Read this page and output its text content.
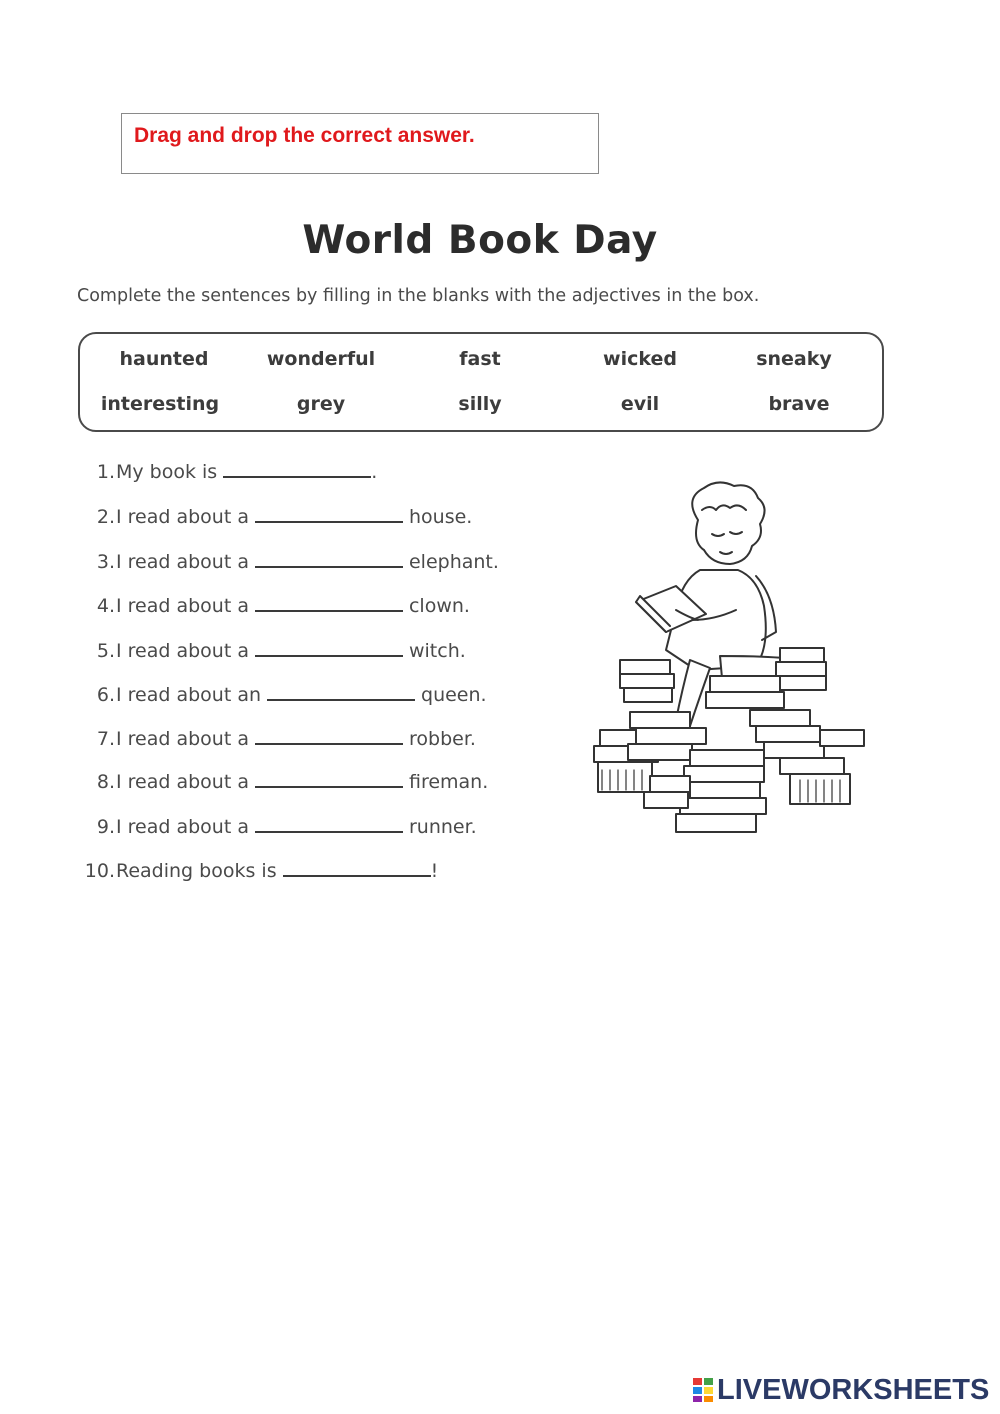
Drag and drop the correct answer.
World Book Day
Complete the sentences by filling in the blanks with the adjectives in the box.
haunted	wonderful	fast	wicked	sneaky
interesting	grey	silly	evil	brave
1. My book is	.
2. I read about a	house.
3. I read about a	elephant.
4. I read about a	clown.
5. I read about a	witch.
6. I read about an	queen.
7. I read about a	robber.
8. I read about a	fireman.
9. I read about a	runner.
10. Reading books is	!
LIVEWORKSHEETS
